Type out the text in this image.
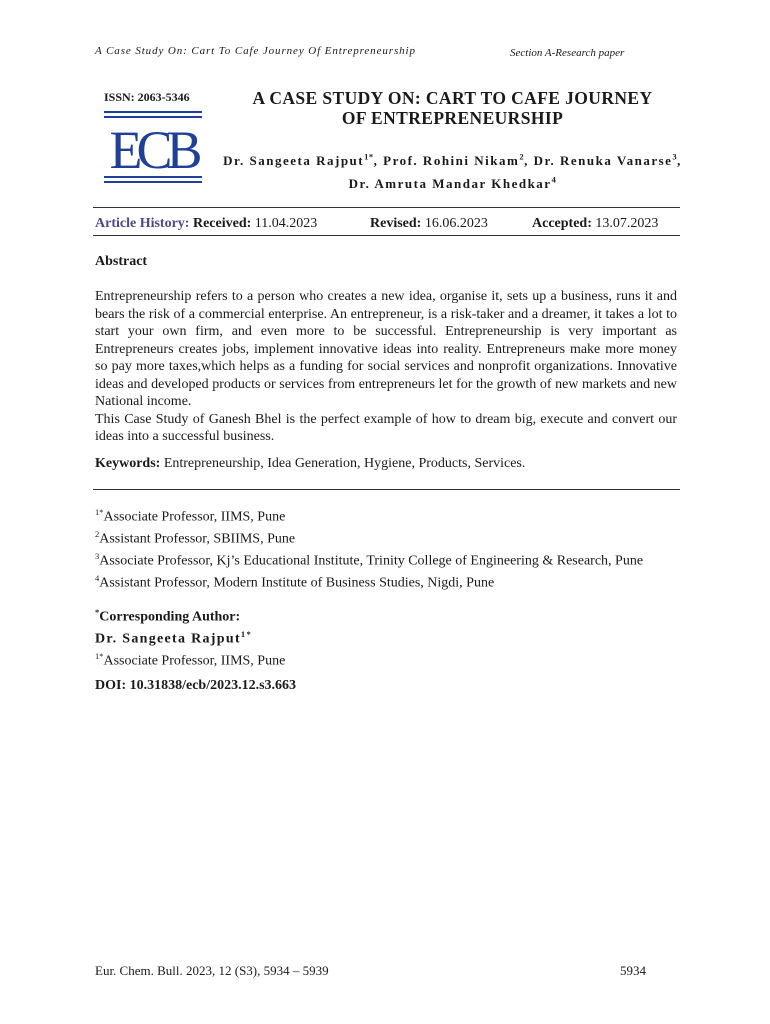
A Case Study On: Cart To Cafe Journey Of Entrepreneurship	Section A-Research paper
ISSN: 2063-5346
ECB
A CASE STUDY ON: CART TO CAFE JOURNEY
OF ENTREPRENEURSHIP
Dr. Sangeeta Rajput$^{1*}$, Prof. Rohini Nikam$^2$, Dr. Renuka Vanarse$^3$, Dr. Amruta Mandar Khedkar$^4$
Article History: Received: 11.04.2023	Revised: 16.06.2023	Accepted: 13.07.2023
Abstract

Entrepreneurship refers to a person who creates a new idea, organise it, sets up a business, runs it and bears the risk of a commercial enterprise. An entrepreneur, is a risk-taker and a dreamer, it takes a lot to start your own firm, and even more to be successful. Entrepreneurship is very important as Entrepreneurs creates jobs, implement innovative ideas into reality. Entrepreneurs make more money so pay more taxes,which helps as a funding for social services and nonprofit organizations. Innovative ideas and developed products or services from entrepreneurs let for the growth of new markets and new National income.

This Case Study of Ganesh Bhel is the perfect example of how to dream big, execute and convert our ideas into a successful business.

Keywords: Entrepreneurship, Idea Generation, Hygiene, Products, Services.
$^{1*}$Associate Professor, IIMS, Pune
$^2$Assistant Professor, SBIIMS, Pune
$^3$Associate Professor, Kj’s Educational Institute, Trinity College of Engineering & Research, Pune
$^4$Assistant Professor, Modern Institute of Business Studies, Nigdi, Pune
*Corresponding Author:
Dr. Sangeeta Rajput$^{1*}$
$^{1*}$Associate Professor, IIMS, Pune
DOI: 10.31838/ecb/2023.12.s3.663
Eur. Chem. Bull. 2023, 12 (S3), 5934 – 5939	5934
